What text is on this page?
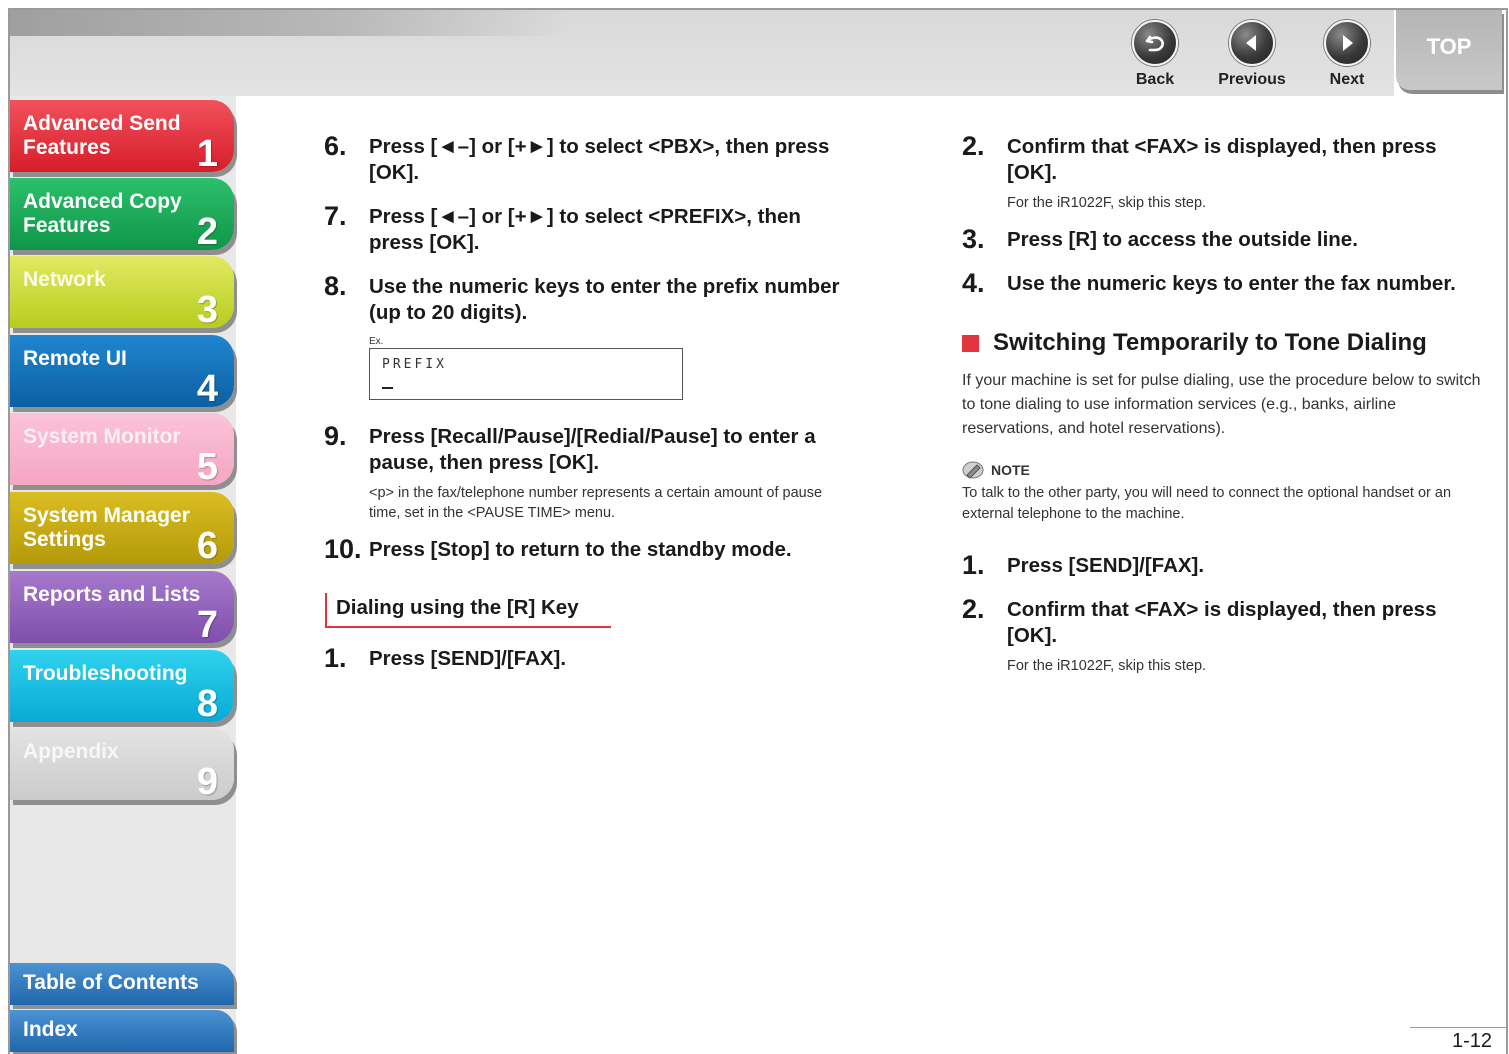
Back	Previous	Next
TOP
Advanced Send
Features	1
Advanced Copy
Features	2
Network
3
Remote UI
4
System Monitor
5
System Manager
Settings	6
Reports and Lists
7
Troubleshooting
8
Appendix
9
Table of Contents
Index
6. Press [◄–] or [+►] to select <PBX>, then press [OK].
7. Press [◄–] or [+►] to select <PREFIX>, then press [OK].
8. Use the numeric keys to enter the prefix number (up to 20 digits).
Ex.
PREFIX
9. Press [Recall/Pause]/[Redial/Pause] to enter a pause, then press [OK].
<p> in the fax/telephone number represents a certain amount of pause time, set in the <PAUSE TIME> menu.
10. Press [Stop] to return to the standby mode.
Dialing using the [R] Key
1. Press [SEND]/[FAX].
2. Confirm that <FAX> is displayed, then press [OK].
For the iR1022F, skip this step.
3. Press [R] to access the outside line.
4. Use the numeric keys to enter the fax number.
Switching Temporarily to Tone Dialing
If your machine is set for pulse dialing, use the procedure below to switch to tone dialing to use information services (e.g., banks, airline reservations, and hotel reservations).
NOTE
To talk to the other party, you will need to connect the optional handset or an external telephone to the machine.
1. Press [SEND]/[FAX].
2. Confirm that <FAX> is displayed, then press [OK].
For the iR1022F, skip this step.
1-12
